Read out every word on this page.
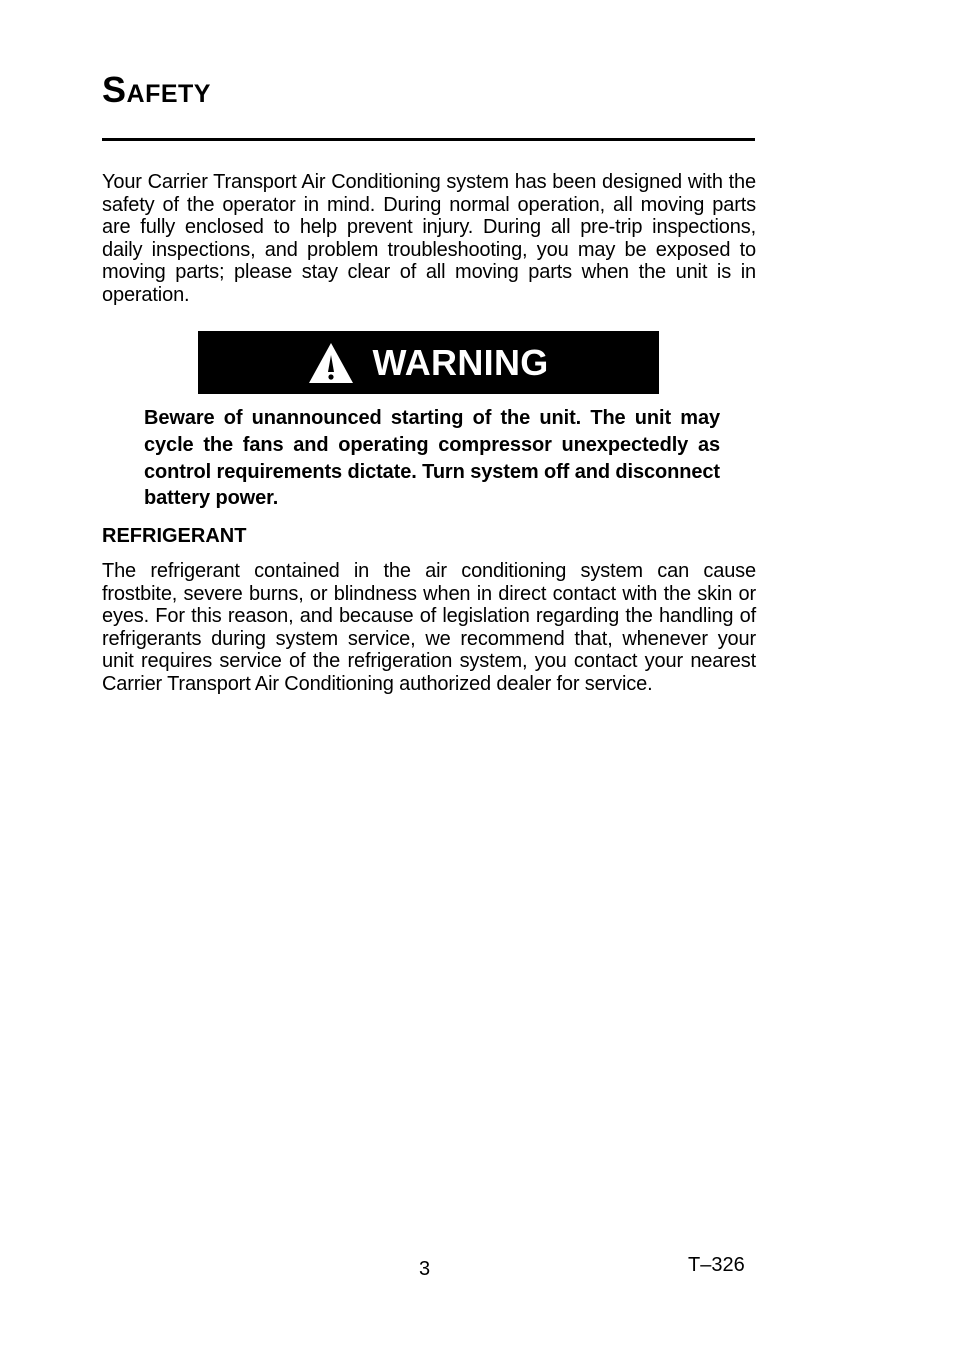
Safety

Your Carrier Transport Air Conditioning system has been designed with the safety of the operator in mind. During normal operation, all moving parts are fully enclosed to help prevent injury. During all pre-trip inspections, daily inspections, and problem troubleshooting, you may be exposed to moving parts; please stay clear of all moving parts when the unit is in operation.

WARNING

Beware of unannounced starting of the unit. The unit may cycle the fans and operating compressor unexpectedly as control requirements dictate. Turn system off and disconnect battery power.

REFRIGERANT

The refrigerant contained in the air conditioning system can cause frostbite, severe burns, or blindness when in direct contact with the skin or eyes. For this reason, and because of legislation regarding the handling of refrigerants during system service, we recommend that, whenever your unit requires service of the refrigeration system, you contact your nearest Carrier Transport Air Conditioning authorized dealer for service.

3	T–326
